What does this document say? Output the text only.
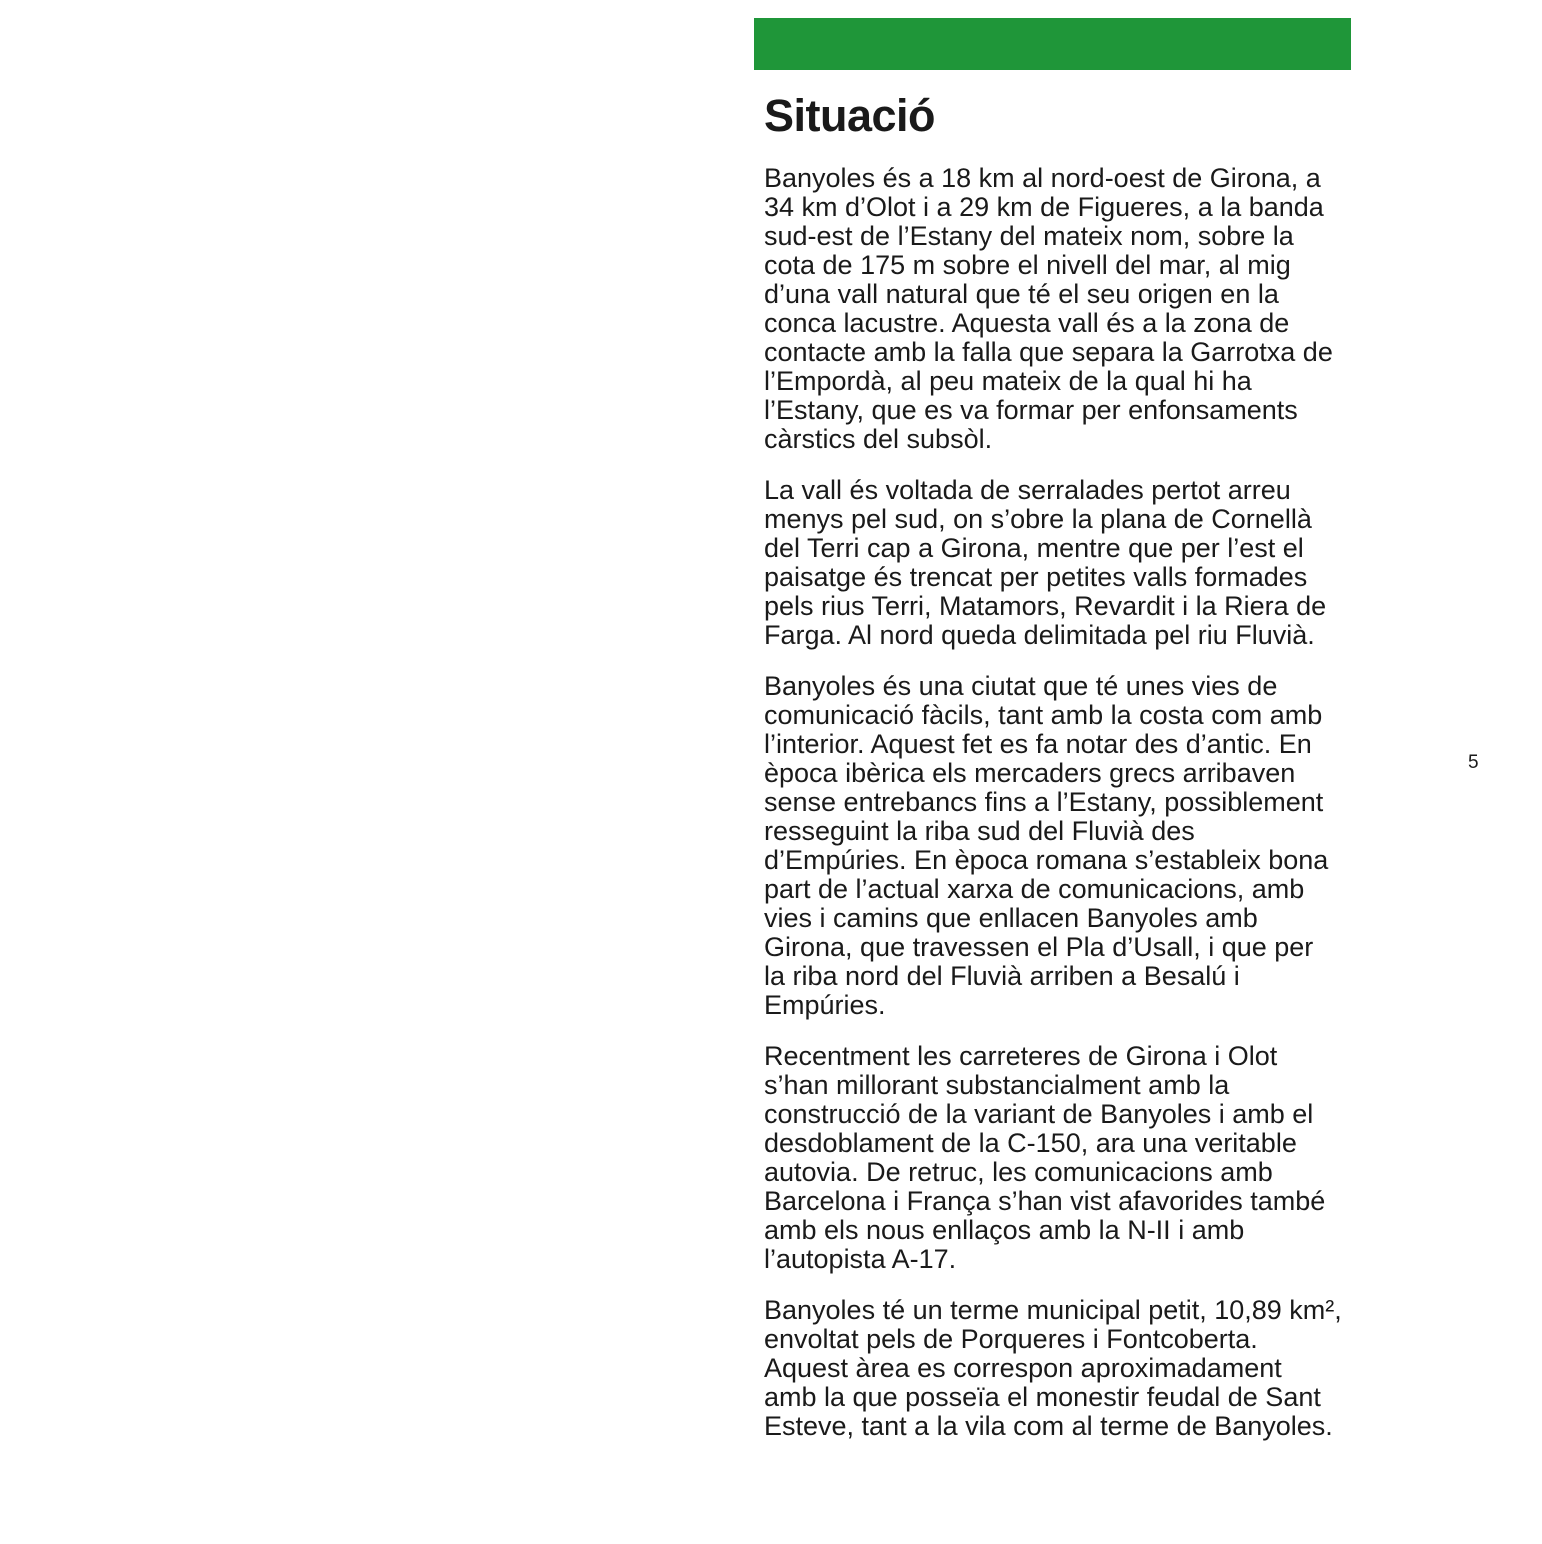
Situació

Banyoles és a 18 km al nord-oest de Girona, a
34 km d’Olot i a 29 km de Figueres, a la banda
sud-est de l’Estany del mateix nom, sobre la
cota de 175 m sobre el nivell del mar, al mig
d’una vall natural que té el seu origen en la
conca lacustre. Aquesta vall és a la zona de
contacte amb la falla que separa la Garrotxa de
l’Empordà, al peu mateix de la qual hi ha
l’Estany, que es va formar per enfonsaments
càrstics del subsòl.

La vall és voltada de serralades pertot arreu
menys pel sud, on s’obre la plana de Cornellà
del Terri cap a Girona, mentre que per l’est el
paisatge és trencat per petites valls formades
pels rius Terri, Matamors, Revardit i la Riera de
Farga. Al nord queda delimitada pel riu Fluvià.

Banyoles és una ciutat que té unes vies de
comunicació fàcils, tant amb la costa com amb
l’interior. Aquest fet es fa notar des d’antic. En
època ibèrica els mercaders grecs arribaven
sense entrebancs fins a l’Estany, possiblement
resseguint la riba sud del Fluvià des
d’Empúries. En època romana s’estableix bona
part de l’actual xarxa de comunicacions, amb
vies i camins que enllacen Banyoles amb
Girona, que travessen el Pla d’Usall, i que per
la riba nord del Fluvià arriben a Besalú i
Empúries.

Recentment les carreteres de Girona i Olot
s’han millorant substancialment amb la
construcció de la variant de Banyoles i amb el
desdoblament de la C-150, ara una veritable
autovia. De retruc, les comunicacions amb
Barcelona i França s’han vist afavorides també
amb els nous enllaços amb la N-II i amb
l’autopista A-17.

Banyoles té un terme municipal petit, 10,89 km²,
envoltat pels de Porqueres i Fontcoberta.
Aquest àrea es correspon aproximadament
amb la que posseïa el monestir feudal de Sant
Esteve, tant a la vila com al terme de Banyoles.

5
